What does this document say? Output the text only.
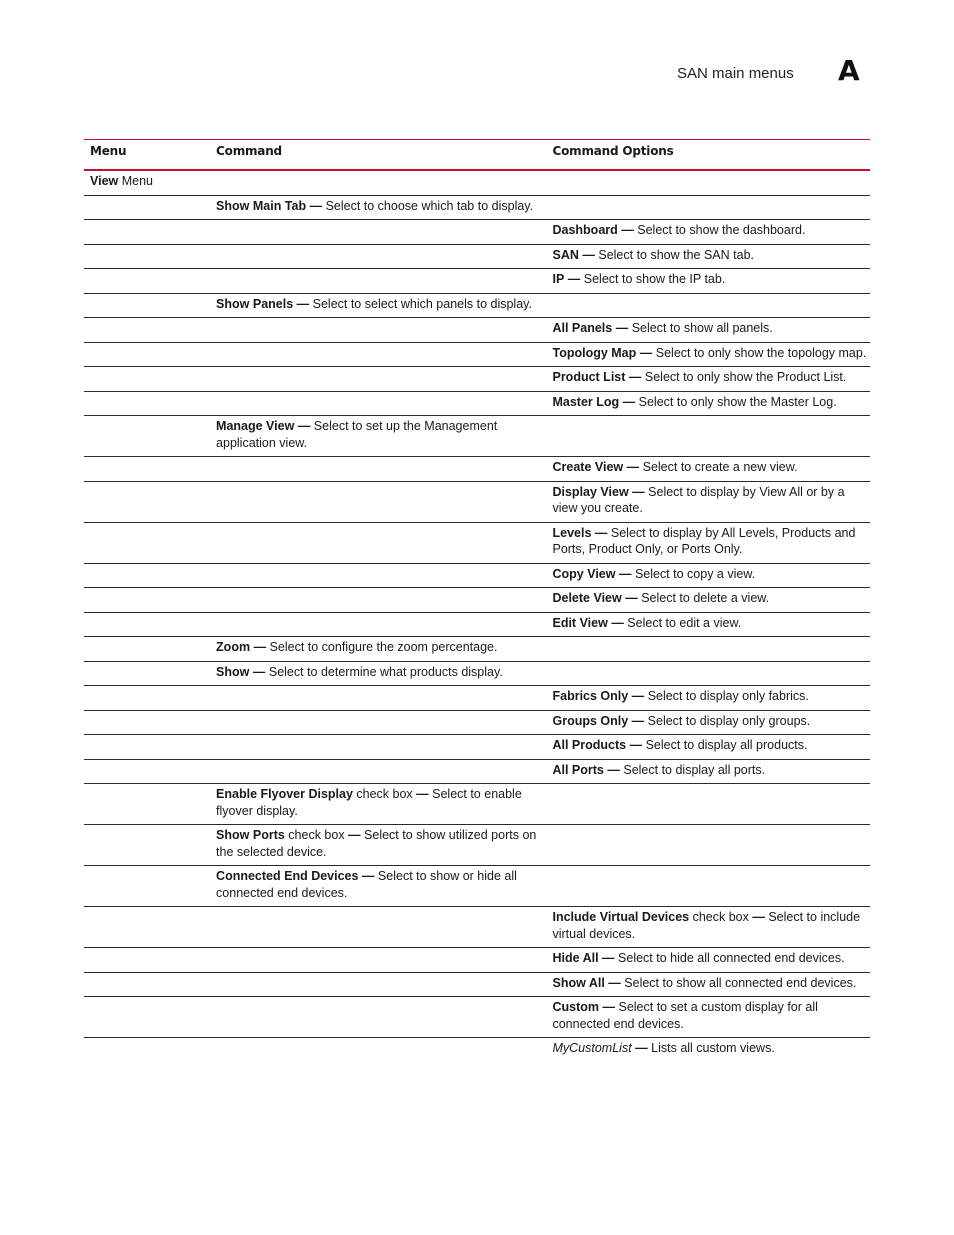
SAN main menus A
Menu	Command	Command Options
View Menu

Show Main Tab — Select to choose which tab to display.

Dashboard — Select to show the dashboard.

SAN — Select to show the SAN tab.

IP — Select to show the IP tab.

Show Panels — Select to select which panels to display.

All Panels — Select to show all panels.

Topology Map — Select to only show the topology map.

Product List — Select to only show the Product List.

Master Log — Select to only show the Master Log.

Manage View — Select to set up the Management application view.

Create View — Select to create a new view.

Display View — Select to display by View All or by a view you create.

Levels — Select to display by All Levels, Products and Ports, Product Only, or Ports Only.

Copy View — Select to copy a view.

Delete View — Select to delete a view.

Edit View — Select to edit a view.

Zoom — Select to configure the zoom percentage.

Show — Select to determine what products display.

Fabrics Only — Select to display only fabrics.

Groups Only — Select to display only groups.

All Products — Select to display all products.

All Ports — Select to display all ports.

Enable Flyover Display check box — Select to enable flyover display.

Show Ports check box — Select to show utilized ports on the selected device.

Connected End Devices — Select to show or hide all connected end devices.

Include Virtual Devices check box — Select to include virtual devices.

Hide All — Select to hide all connected end devices.

Show All — Select to show all connected end devices.

Custom — Select to set a custom display for all connected end devices.

MyCustomList — Lists all custom views.
